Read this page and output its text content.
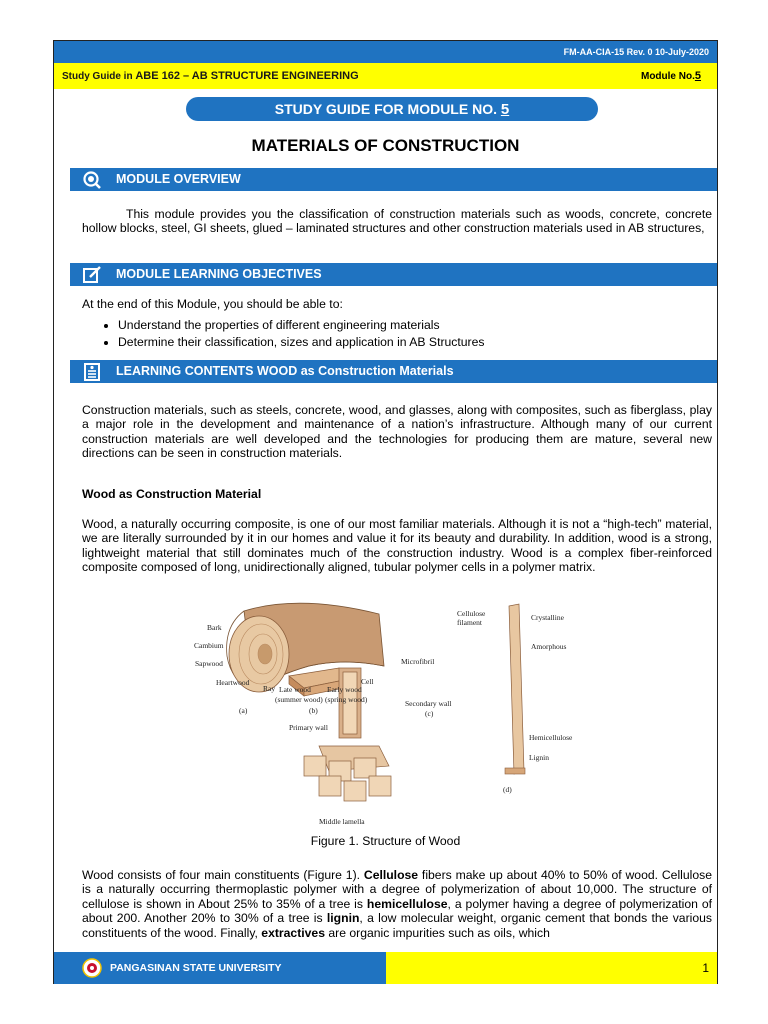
FM-AA-CIA-15 Rev. 0 10-July-2020
Study Guide in ABE 162 – AB STRUCTURE ENGINEERING	Module No.5
STUDY GUIDE FOR MODULE NO. 5
MATERIALS OF CONSTRUCTION
MODULE OVERVIEW
This module provides you the classification of construction materials such as woods, concrete, concrete hollow blocks, steel, GI sheets, glued – laminated structures and other construction materials used in AB structures,
MODULE LEARNING OBJECTIVES
At the end of this Module, you should be able to:
• Understand the properties of different engineering materials
• Determine their classification, sizes and application in AB Structures
LEARNING CONTENTS WOOD as Construction Materials
Construction materials, such as steels, concrete, wood, and glasses, along with composites, such as fiberglass, play a major role in the development and maintenance of a nation’s infrastructure. Although many of our current construction materials are well developed and the technologies for producing them are mature, several new directions can be seen in construction materials.
Wood as Construction Material
Wood, a naturally occurring composite, is one of our most familiar materials. Although it is not a “high-tech” material, we are literally surrounded by it in our homes and value it for its beauty and durability. In addition, wood is a strong, lightweight material that still dominates much of the construction industry. Wood is a complex fiber-reinforced composite composed of long, unidirectionally aligned, tubular polymer cells in a polymer matrix.
Bark
Cambium
Sapwood
Heartwood
Ray Late wood
(summer wood)
Early wood
(spring wood)
Cell
Microfibril
Secondary wall
Primary wall
Middle lamella
Cellulose
filament
Crystalline
Amorphous
Hemicellulose
Lignin
(a)	(b)	(c)
(d)
Figure 1. Structure of Wood
Wood consists of four main constituents (Figure 1). Cellulose fibers make up about 40% to 50% of wood. Cellulose is a naturally occurring thermoplastic polymer with a degree of polymerization of about 10,000. The structure of cellulose is shown in About 25% to 35% of a tree is hemicellulose, a polymer having a degree of polymerization of about 200. Another 20% to 30% of a tree is lignin, a low molecular weight, organic cement that bonds the various constituents of the wood. Finally, extractives are organic impurities such as oils, which
PANGASINAN STATE UNIVERSITY	1
